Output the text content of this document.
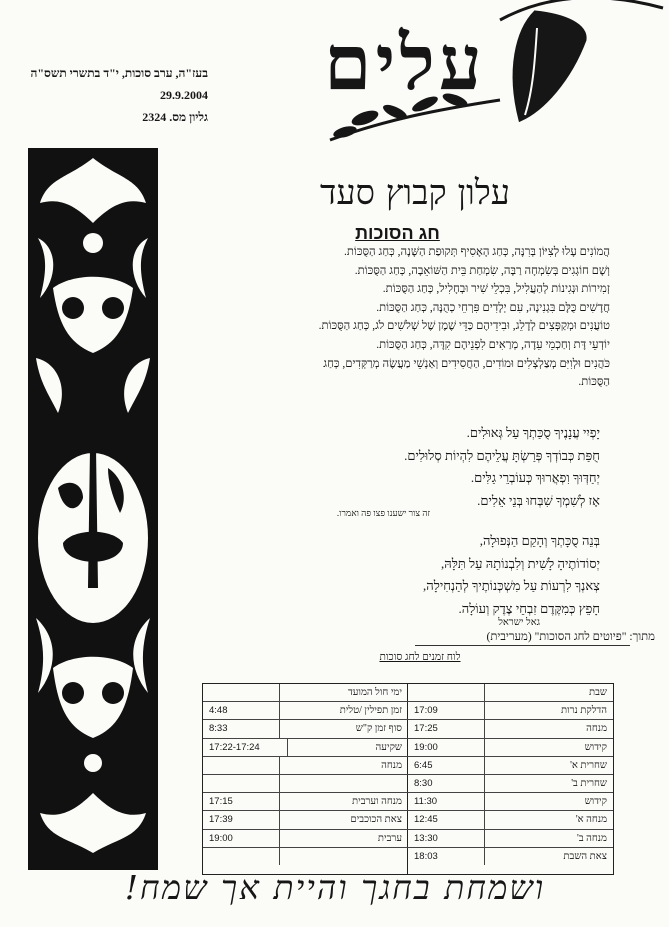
בעז"ה, ערב סוכות, י"ד בתשרי תשס"ה
29.9.2004
גליון מס. 2324
עלים
עלון קבוץ סעד
חג הסוכות
הֲמוֹנִים עָלוּ לְצִיּוֹן בְּרִנָּה, כְּחַג הָאָסִיף תְּקוּפַת הַשָּׁנָה, כְּחַג הַסֻּכּוֹת.
וְשָׁם חוֹגְגִים בְּשִׂמְחָה רַבָּה, שִׂמְחַת בֵּית הַשּׁוֹאֵבָה, כְּחַג הַסֻּכּוֹת.
זְמִירוֹת וּנְגִינוֹת לְהַעֲלִיל, בִּכְלֵי שִׁיר וּבְחָלִיל, כְּחַג הַסֻּכּוֹת.
חֲדָשִׁים כֻּלָּם בִּגְנִינָה, עִם יְלָדִים פִּרְחֵי כְהֻנָּה, כְּחַג הַסֻּכּוֹת.
טוֹעֲנִים וּמְקַפְּצִים לְדָלֵג, וּבִידֵיהֶם כַּדֵּי שֶׁמֶן שֶׁל שְׁלֹשִׁים לֹג, כְּחַג הַסֻּכּוֹת.
יוֹדְעֵי דָּת וְחַכְמֵי עֵדָה, מְרַאִים לִפְנֵיהֶם קִדָּה, כְּחַג הַסֻּכּוֹת.
כֹּהֲנִים וּלְוִיִּם מְצַלְצְלִים וּמוֹדִים, הַחֲסִידִים וְאַנְשֵׁי מַעֲשֶׂה מְרַקְּדִים, כְּחַג
הַסֻּכּוֹת.
יָפְיִי עֲנָנֶיךָ סֻכַּתְךָ עַל גְּאוּלִים.
חֻפַּת כְּבוֹדְךָ פְּרַשְׂתָּ עֲלֵיהֶם לִהְיוֹת סְלוּלִים.
יְחַדְּוּךָ וִפְאֲרוּךְ כְּעוֹבְרֵי גַלִּים.
אָז לְשִׁמְךָ שִׁבְּחוּ בְּנֵי אֵלִים.
זה צור ישענו פצו פה ואמרו.
בְּנֵה סֻכָּתְךָ וְהָקֵם הַנְּפוּלָה,
יְסוֹדוֹתֶיהָ לָשִׁית וְלִבְנוֹתָהּ עַל תִּלָּהּ,
צְאנְךָ לִרְעוֹת עַל מִשְׁכְּנוֹתֶיךָ לְהַנְחִילָה,
חָפֵץ כְּמִקֶּדֶם זִבְחֵי צֶדֶק וְעוֹלָה.
גאל ישראל
מתוך: "פיוטים לחג הסוכות" (מעריבית)
לוח זמנים לחג סוכות
שבת
הדלקת נרות
17:09
מנחה
17:25
קידוש
19:00
שחרית א'
6:45
שחרית ב'
8:30
קידוש
11:30
מנחה א'
12:45
מנחה ב'
13:30
צאת השבת
18:03
ימי חול המועד
זמן תפילין /טלית
4:48
סוף זמן ק"ש
8:33
שקיעה
17:22-17:24
מנחה
מנחה וערבית
17:15
צאת הכוכבים
17:39
ערבית
19:00
ושמחת בחגך והיית אך שמח!
